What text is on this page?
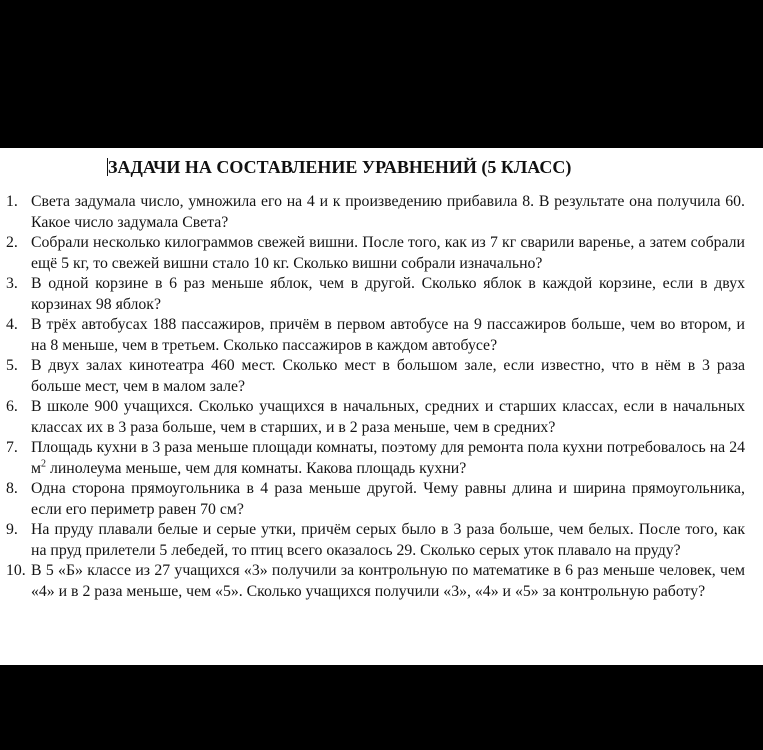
ЗАДАЧИ НА СОСТАВЛЕНИЕ УРАВНЕНИЙ (5 КЛАСС)
1. Света задумала число, умножила его на 4 и к произведению прибавила 8. В результате она получила 60. Какое число задумала Света?
2. Собрали несколько килограммов свежей вишни. После того, как из 7 кг сварили варенье, а затем собрали ещё 5 кг, то свежей вишни стало 10 кг. Сколько вишни собрали изначально?
3. В одной корзине в 6 раз меньше яблок, чем в другой. Сколько яблок в каждой корзине, если в двух корзинах 98 яблок?
4. В трёх автобусах 188 пассажиров, причём в первом автобусе на 9 пассажиров больше, чем во втором, и на 8 меньше, чем в третьем. Сколько пассажиров в каждом автобусе?
5. В двух залах кинотеатра 460 мест. Сколько мест в большом зале, если известно, что в нём в 3 раза больше мест, чем в малом зале?
6. В школе 900 учащихся. Сколько учащихся в начальных, средних и старших классах, если в начальных классах их в 3 раза больше, чем в старших, и в 2 раза меньше, чем в средних?
7. Площадь кухни в 3 раза меньше площади комнаты, поэтому для ремонта пола кухни потребовалось на 24 $м^2$ линолеума меньше, чем для комнаты. Какова площадь кухни?
8. Одна сторона прямоугольника в 4 раза меньше другой. Чему равны длина и ширина прямоугольника, если его периметр равен 70 см?
9. На пруду плавали белые и серые утки, причём серых было в 3 раза больше, чем белых. После того, как на пруд прилетели 5 лебедей, то птиц всего оказалось 29. Сколько серых уток плавало на пруду?
10. В 5 «Б» классе из 27 учащихся «3» получили за контрольную по математике в 6 раз меньше человек, чем «4» и в 2 раза меньше, чем «5». Сколько учащихся получили «3», «4» и «5» за контрольную работу?
